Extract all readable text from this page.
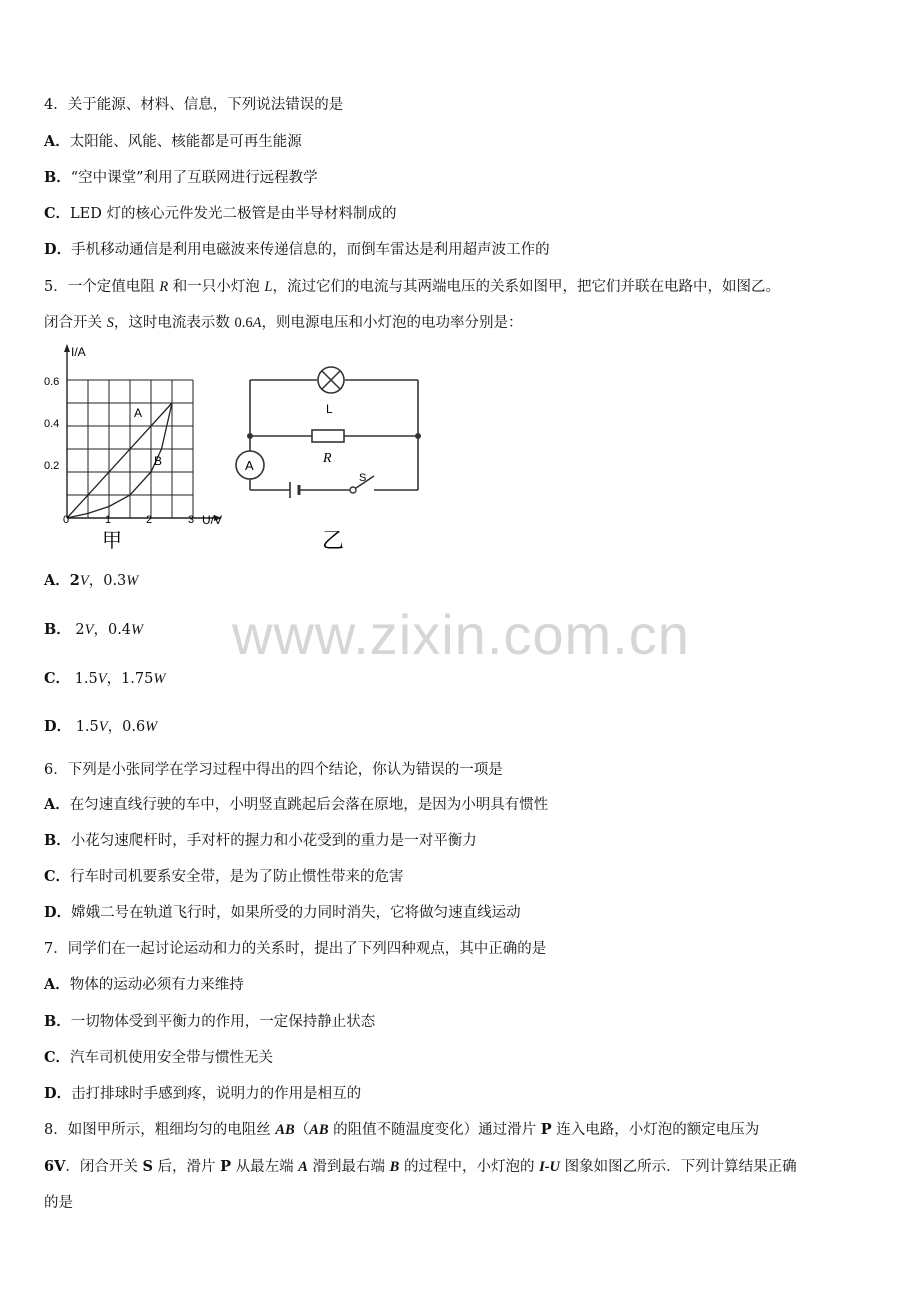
www.zixin.com.cn
4．关于能源、材料、信息，下列说法错误的是
A．太阳能、风能、核能都是可再生能源
B．“空中课堂”利用了互联网进行远程教学
C．LED 灯的核心元件发光二极管是由半导材料制成的
D．手机移动通信是利用电磁波来传递信息的，而倒车雷达是利用超声波工作的
5．一个定值电阻 R 和一只小灯泡 L，流过它们的电流与其两端电压的关系如图甲，把它们并联在电路中，如图乙。
闭合开关 S，这时电流表示数 0.6A，则电源电压和小灯泡的电功率分别是：
I/A
U/V
0.6
0.4
0.2
0	1	2	3
A
B
甲
A
L
R
S
乙
A．2V，0.3W
B． 2V，0.4W
C． 1.5V，1.75W
D． 1.5V，0.6W
6．下列是小张同学在学习过程中得出的四个结论，你认为错误的一项是
A．在匀速直线行驶的车中，小明竖直跳起后会落在原地，是因为小明具有惯性
B．小花匀速爬杆时，手对杆的握力和小花受到的重力是一对平衡力
C．行车时司机要系安全带，是为了防止惯性带来的危害
D．嫦娥二号在轨道飞行时，如果所受的力同时消失，它将做匀速直线运动
7．同学们在一起讨论运动和力的关系时，提出了下列四种观点，其中正确的是
A．物体的运动必须有力来维持
B．一切物体受到平衡力的作用，一定保持静止状态
C．汽车司机使用安全带与惯性无关
D．击打排球时手感到疼，说明力的作用是相互的
8．如图甲所示，粗细均匀的电阻丝 AB（AB 的阻值不随温度变化）通过滑片 P 连入电路，小灯泡的额定电压为
6V．闭合开关 S 后，滑片 P 从最左端 A 滑到最右端 B 的过程中，小灯泡的 I-U 图象如图乙所示．下列计算结果正确
的是
